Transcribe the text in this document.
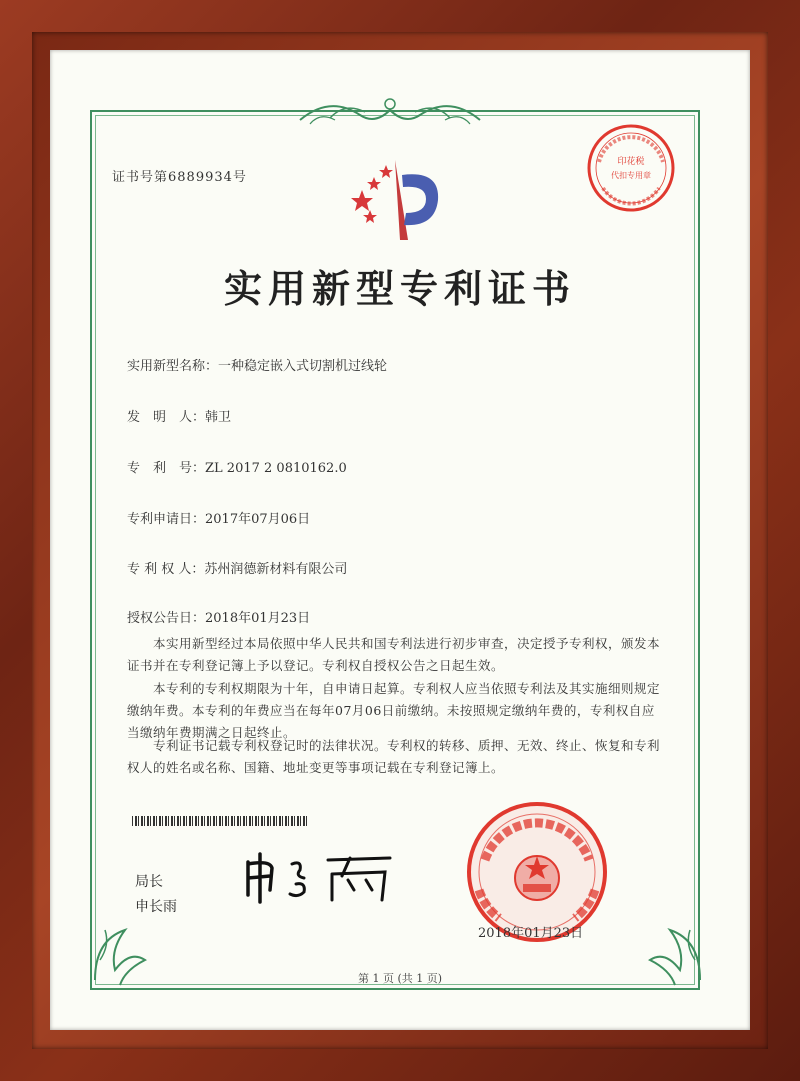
证书号第6889934号
印花税
代扣专用章
实用新型专利证书
实用新型名称：一种稳定嵌入式切割机过线轮
发　明　人：韩卫
专　利　号：ZL 2017 2 0810162.0
专利申请日：2017年07月06日
专 利 权 人：苏州润德新材料有限公司
授权公告日：2018年01月23日
　　本实用新型经过本局依照中华人民共和国专利法进行初步审查，决定授予专利权，颁发本证书并在专利登记簿上予以登记。专利权自授权公告之日起生效。
　　本专利的专利权期限为十年，自申请日起算。专利权人应当依照专利法及其实施细则规定缴纳年费。本专利的年费应当在每年07月06日前缴纳。未按照规定缴纳年费的，专利权自应当缴纳年费期满之日起终止。
　　专利证书记载专利权登记时的法律状况。专利权的转移、质押、无效、终止、恢复和专利权人的姓名或名称、国籍、地址变更等事项记载在专利登记簿上。
局长
申长雨
2018年01月23日
第 1 页 (共 1 页)
